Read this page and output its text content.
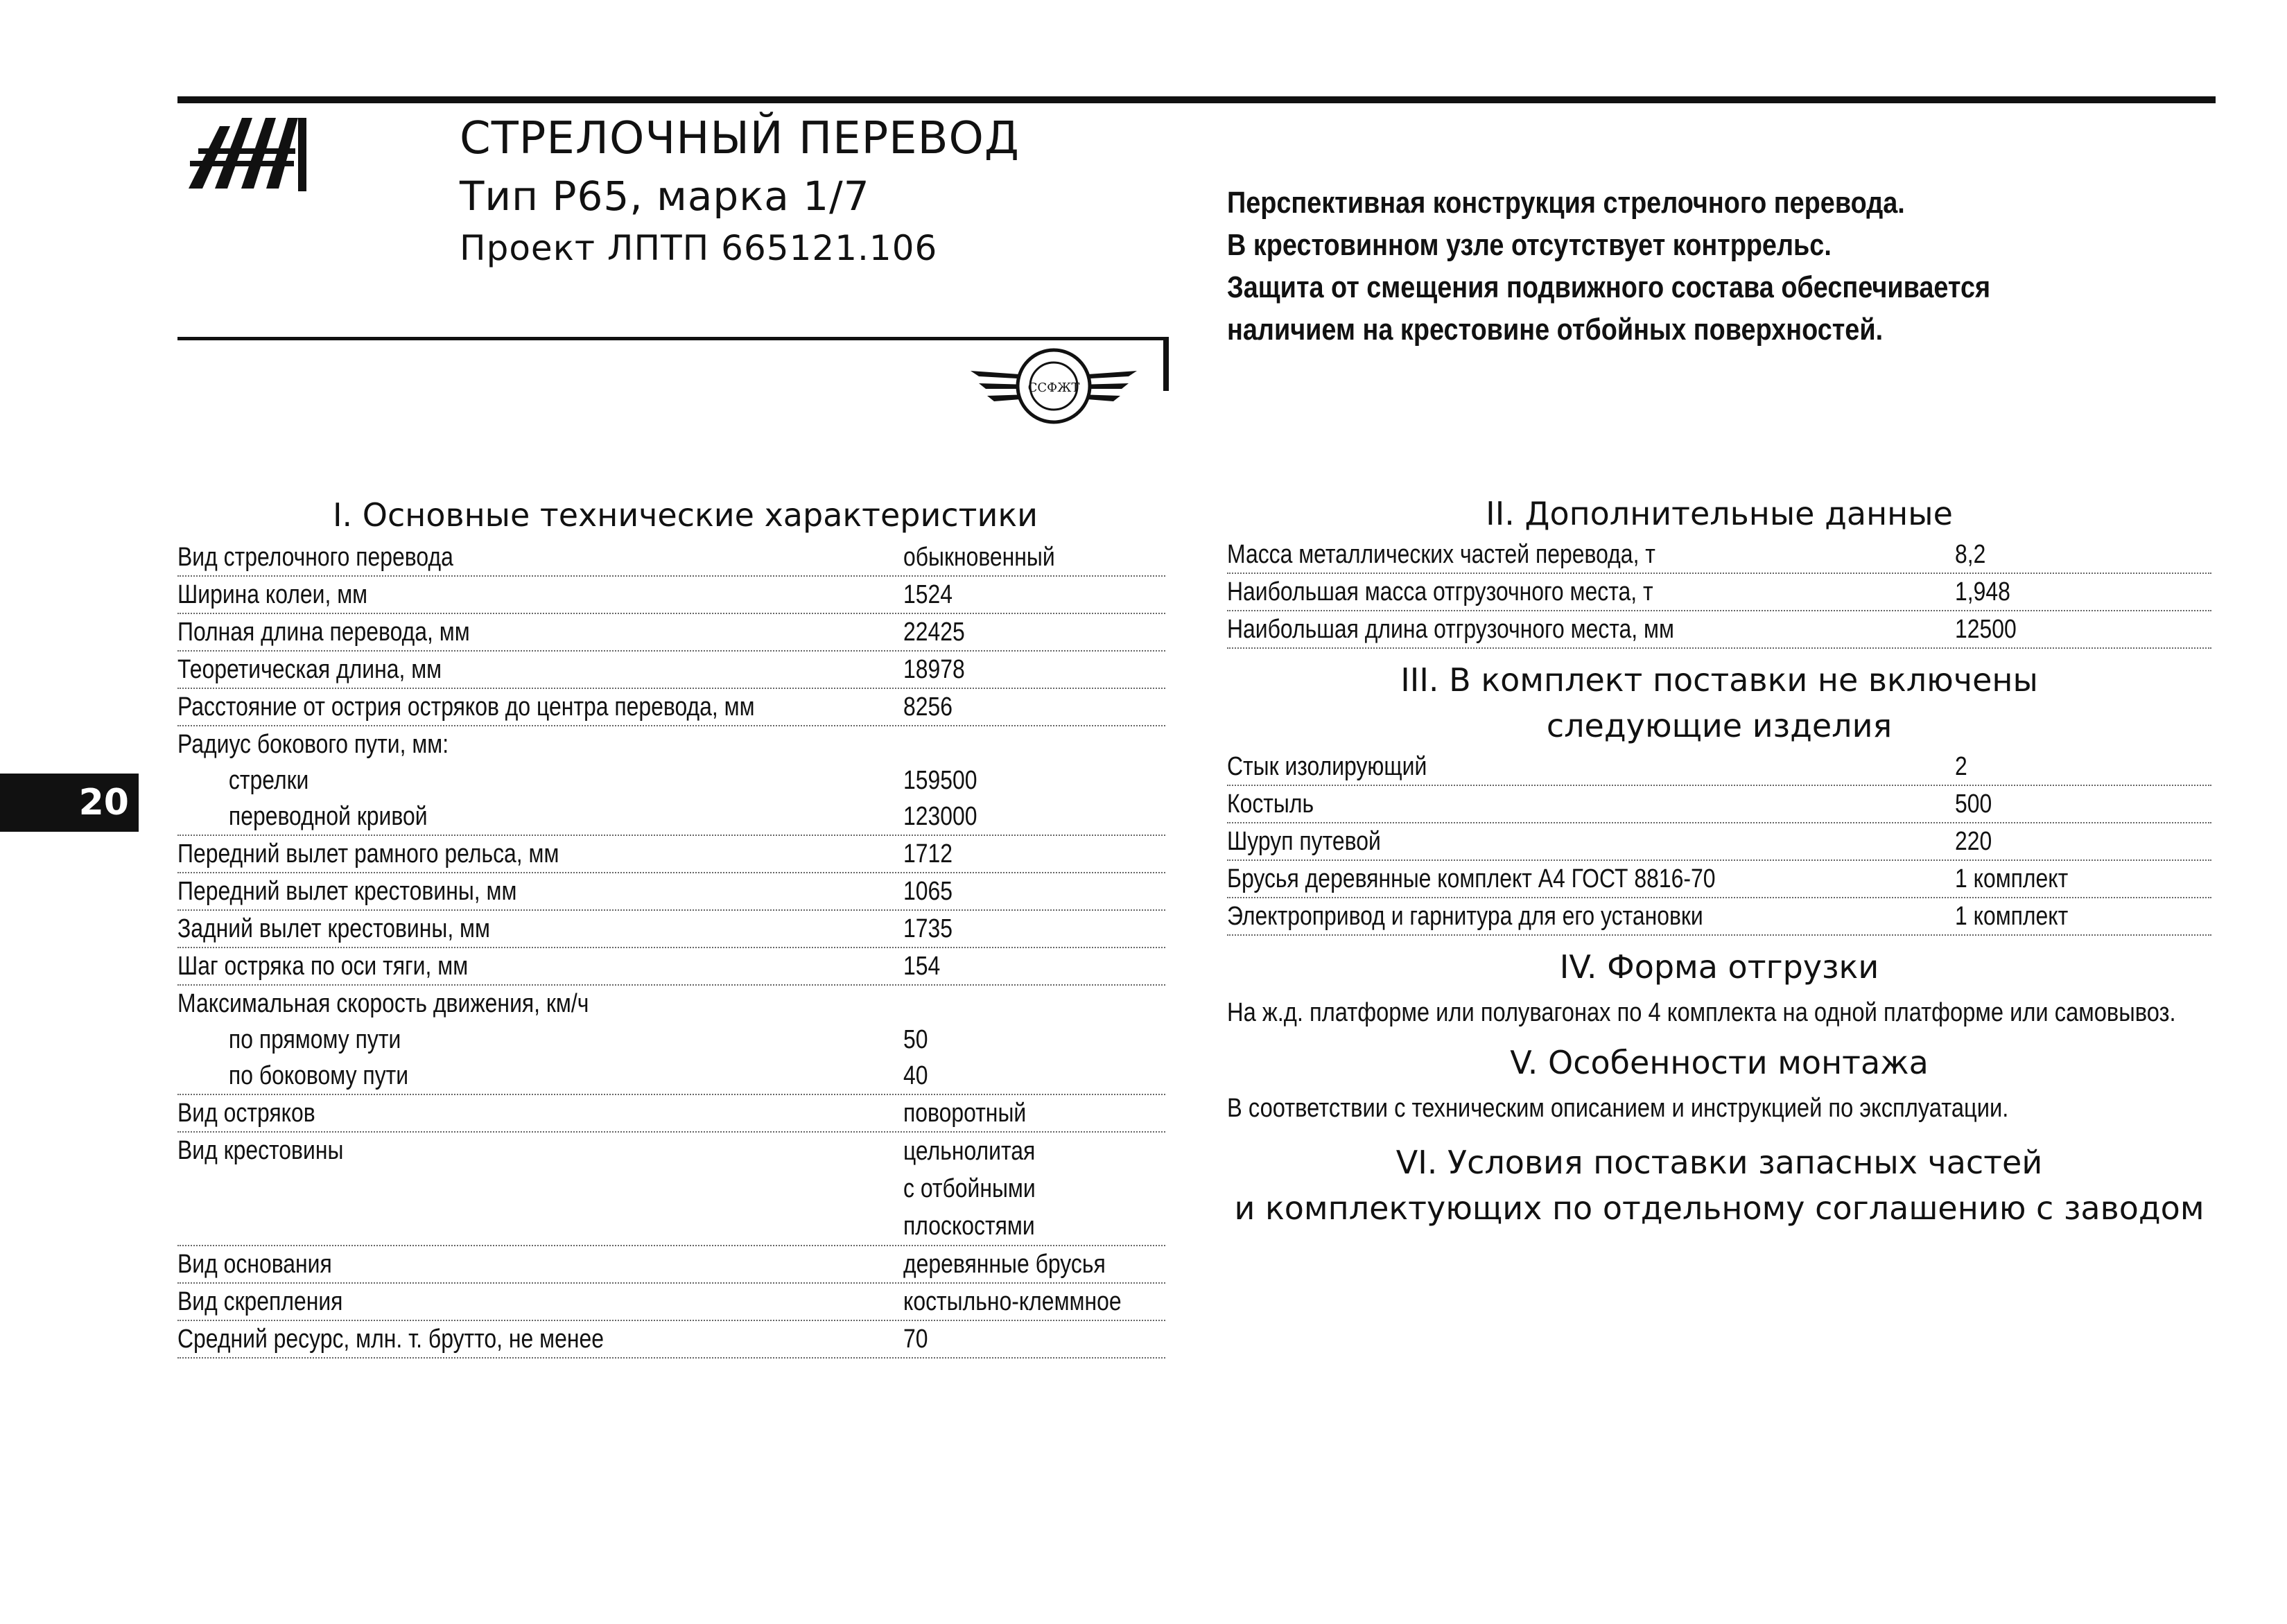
СТРЕЛОЧНЫЙ ПЕРЕВОД
Тип Р65, марка 1/7
Проект ЛПТП 665121.106
ССФЖТ
Перспективная конструкция стрелочного перевода.
В крестовинном узле отсутствует контррельс.
Защита от смещения подвижного состава обеспечивается
наличием на крестовине отбойных поверхностей.
20
I. Основные технические характеристики
Вид стрелочного перевода	обыкновенный
Ширина колеи, мм	1524
Полная длина перевода, мм	22425
Теоретическая длина, мм	18978
Расстояние от острия остряков до центра перевода, мм	8256
Радиус бокового пути, мм:
стрелки	159500
переводной кривой	123000
Передний вылет рамного рельса, мм	1712
Передний вылет крестовины, мм	1065
Задний вылет крестовины, мм	1735
Шаг остряка по оси тяги, мм	154
Максимальная скорость движения, км/ч
по прямому пути	50
по боковому пути	40
Вид остряков	поворотный
Вид крестовины	цельнолитая
с отбойными
плоскостями
Вид основания	деревянные брусья
Вид скрепления	костыльно-клеммное
Средний ресурс, млн. т. брутто, не менее	70
II. Дополнительные данные
Масса металлических частей перевода, т	8,2
Наибольшая масса отгрузочного места, т	1,948
Наибольшая длина отгрузочного места, мм	12500
III. В комплект поставки не включены
следующие изделия
Стык изолирующий	2
Костыль	500
Шуруп путевой	220
Брусья деревянные комплект А4 ГОСТ 8816-70	1 комплект
Электропривод и гарнитура для его установки	1 комплект
IV. Форма отгрузки
На ж.д. платформе или полувагонах по 4 комплекта на одной платформе или самовывоз.
V. Особенности монтажа
В соответствии с техническим описанием и инструкцией по эксплуатации.
VI. Условия поставки запасных частей
и комплектующих по отдельному соглашению с заводом
